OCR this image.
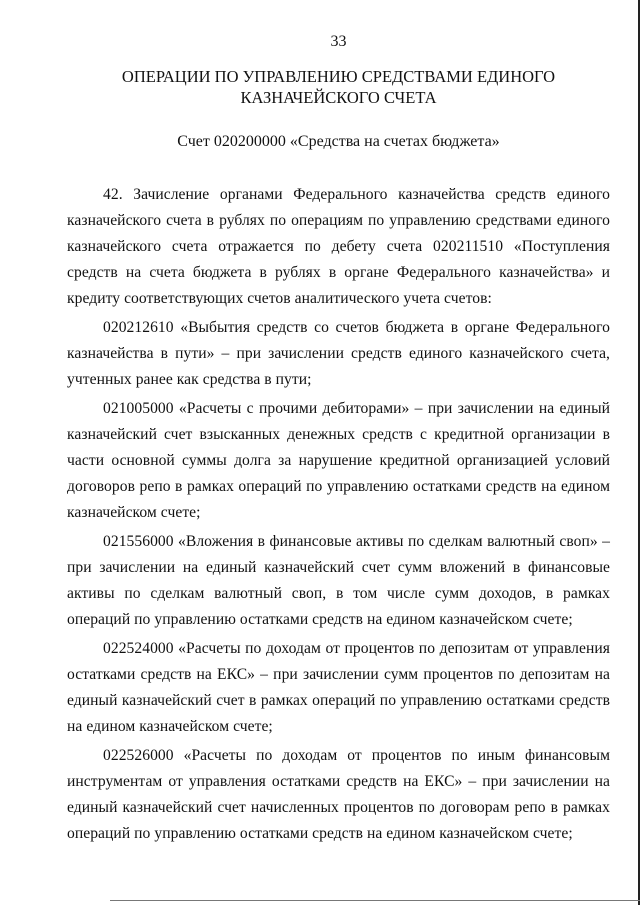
33

ОПЕРАЦИИ ПО УПРАВЛЕНИЮ СРЕДСТВАМИ ЕДИНОГО
КАЗНАЧЕЙСКОГО СЧЕТА

Счет 020200000 «Средства на счетах бюджета»

42. Зачисление органами Федерального казначейства средств единого казначейского счета в рублях по операциям по управлению средствами единого казначейского счета отражается по дебету счета 020211510 «Поступления средств на счета бюджета в рублях в органе Федерального казначейства» и кредиту соответствующих счетов аналитического учета счетов:

020212610 «Выбытия средств со счетов бюджета в органе Федерального казначейства в пути» – при зачислении средств единого казначейского счета, учтенных ранее как средства в пути;

021005000 «Расчеты с прочими дебиторами» – при зачислении на единый казначейский счет взысканных денежных средств с кредитной организации в части основной суммы долга за нарушение кредитной организацией условий договоров репо в рамках операций по управлению остатками средств на едином казначейском счете;

021556000 «Вложения в финансовые активы по сделкам валютный своп» – при зачислении на единый казначейский счет сумм вложений в финансовые активы по сделкам валютный своп, в том числе сумм доходов, в рамках операций по управлению остатками средств на едином казначейском счете;

022524000 «Расчеты по доходам от процентов по депозитам от управления остатками средств на ЕКС» – при зачислении сумм процентов по депозитам на единый казначейский счет в рамках операций по управлению остатками средств на едином казначейском счете;

022526000 «Расчеты по доходам от процентов по иным финансовым инструментам от управления остатками средств на ЕКС» – при зачислении на единый казначейский счет начисленных процентов по договорам репо в рамках операций по управлению остатками средств на едином казначейском счете;
